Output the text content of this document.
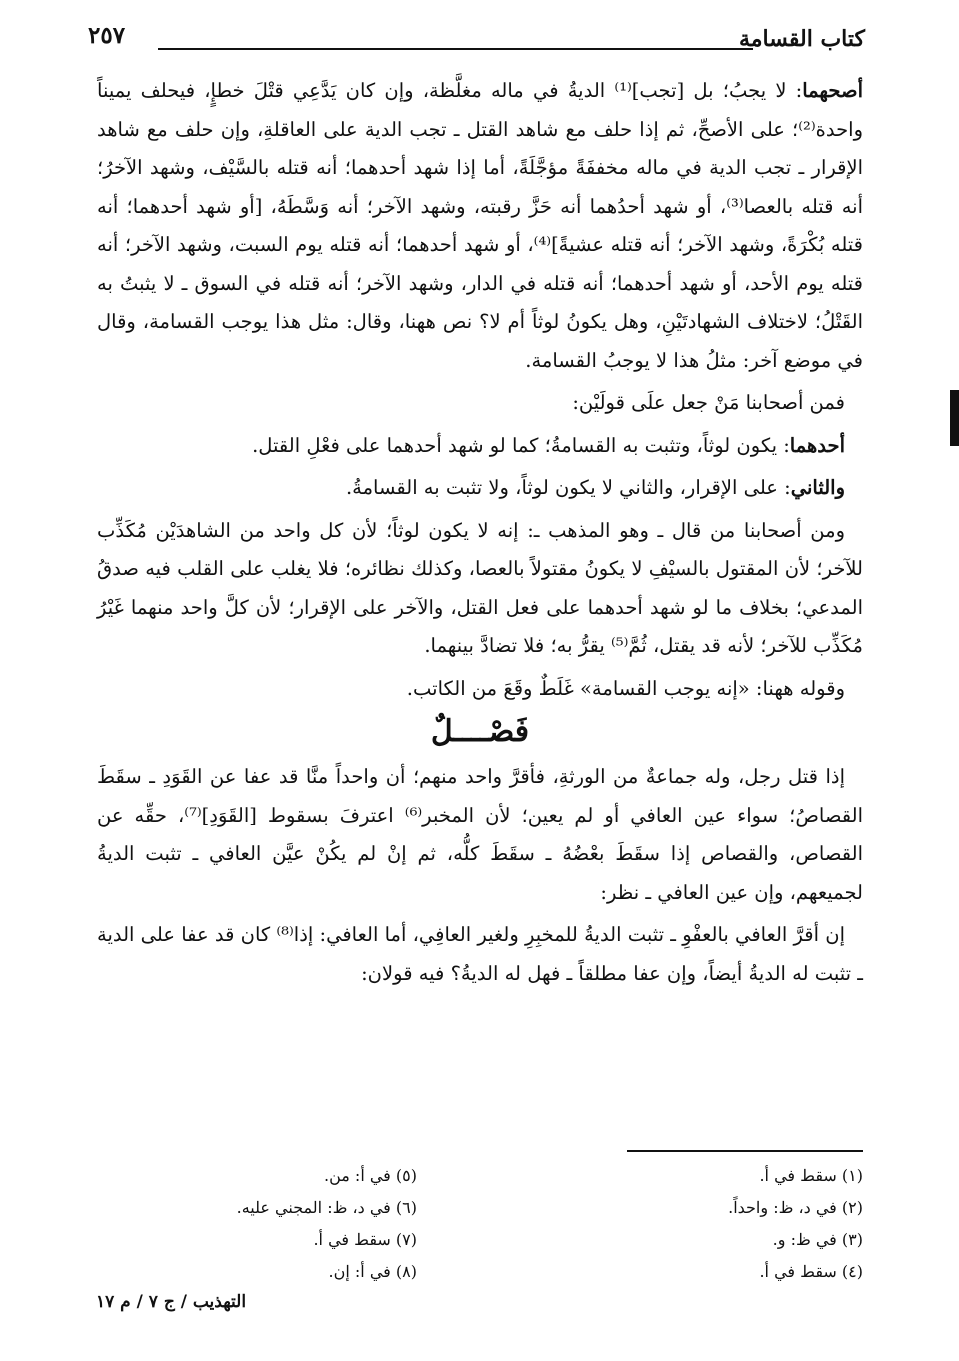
كتاب القسامة
٢٥٧

أصحهما: لا يجبُ؛ بل [تجب]⁽¹⁾ الديةُ في ماله مغلَّظة، وإن كان يَدَّعِي قتْلَ خطإٍ، فيحلف يميناً واحدة⁽²⁾؛ على الأصحِّ، ثم إذا حلف مع شاهد القتل ـ تجب الدية على العاقلةِ، وإن حلف مع شاهد الإقرار ـ تجب الدية في ماله مخففَةً مؤجَّلَةً، أما إذا شهد أحدهما؛ أنه قتله بالسَّيْف، وشهد الآخرُ؛ أنه قتله بالعصا⁽³⁾، أو شهد أحدُهما أنه حَزَّ رقبته، وشهد الآخر؛ أنه وَسَّطَهُ، [أو شهد أحدهما؛ أنه قتله بُكْرَةً، وشهد الآخر؛ أنه قتله عشيةً]⁽⁴⁾، أو شهد أحدهما؛ أنه قتله يوم السبت، وشهد الآخر؛ أنه قتله يوم الأحد، أو شهد أحدهما؛ أنه قتله في الدار، وشهد الآخر؛ أنه قتله في السوق ـ لا يثبتُ به القَتْلُ؛ لاختلاف الشهادتَيْنِ، وهل يكونُ لوثاً أم لا؟ نص ههنا، وقال: مثل هذا يوجب القسامة، وقال في موضع آخر: مثلُ هذا لا يوجبُ القسامة.

فمن أصحابنا مَنْ جعل علَى قولَيْن:

أحدهما: يكون لوثاً، وتثبت به القسامةُ؛ كما لو شهد أحدهما على فعْلِ القتل.

والثاني: على الإقرار، والثاني لا يكون لوثاً، ولا تثبت به القسامةُ.

ومن أصحابنا من قال ـ وهو المذهب ـ: إنه لا يكون لوثاً؛ لأن كل واحد من الشاهدَيْن مُكَذِّب للآخر؛ لأن المقتول بالسيْفِ لا يكونُ مقتولاً بالعصا، وكذلك نظائره؛ فلا يغلب على القلب فيه صدقُ المدعي؛ بخلاف ما لو شهد أحدهما على فعل القتل، والآخر على الإقرار؛ لأن كلَّ واحد منهما غَيْرُ مُكَذِّب للآخر؛ لأنه قد يقتل، ثُمَّ⁽⁵⁾ يقرُّ به؛ فلا تضادَّ بينهما.

وقوله ههنا: «إنه يوجب القسامة» غَلَطٌ وقَعَ من الكاتب.

فَصْــــلٌ

إذا قتل رجل، وله جماعةٌ من الورثةِ، فأقرَّ واحد منهم؛ أن واحداً منَّا قد عفا عن القَوَدِ ـ سقَطَ القصاصُ؛ سواء عين العافي أو لم يعين؛ لأن المخبر⁽⁶⁾ اعترفَ بسقوط [القَوَدِ]⁽⁷⁾، حقِّه عن القصاص، والقصاص إذا سقَطَ بعْضُهُ ـ سقَطَ كلُّه، ثم إنْ لم يكُنْ عيَّن العافي ـ تثبت الديةُ لجميعهم، وإن عين العافي ـ نظر:

إن أقرَّ العافي بالعفْوِ ـ تثبت الديةُ للمخبِرِ ولغير العافِي، أما العافي: إذا⁽⁸⁾ كان قد عفا على الدية ـ تثبت له الديةُ أيضاً، وإن عفا مطلقاً ـ فهل له الديةُ؟ فيه قولان:

(١) سقط في أ.
(٢) في د، ظ: واحداً.
(٣) في ظ: و.
(٤) سقط في أ.
(٥) في أ: من.
(٦) في د، ظ: المجني عليه.
(٧) سقط في أ.
(٨) في أ: إن.
التهذيب / ج ٧ / م ١٧
